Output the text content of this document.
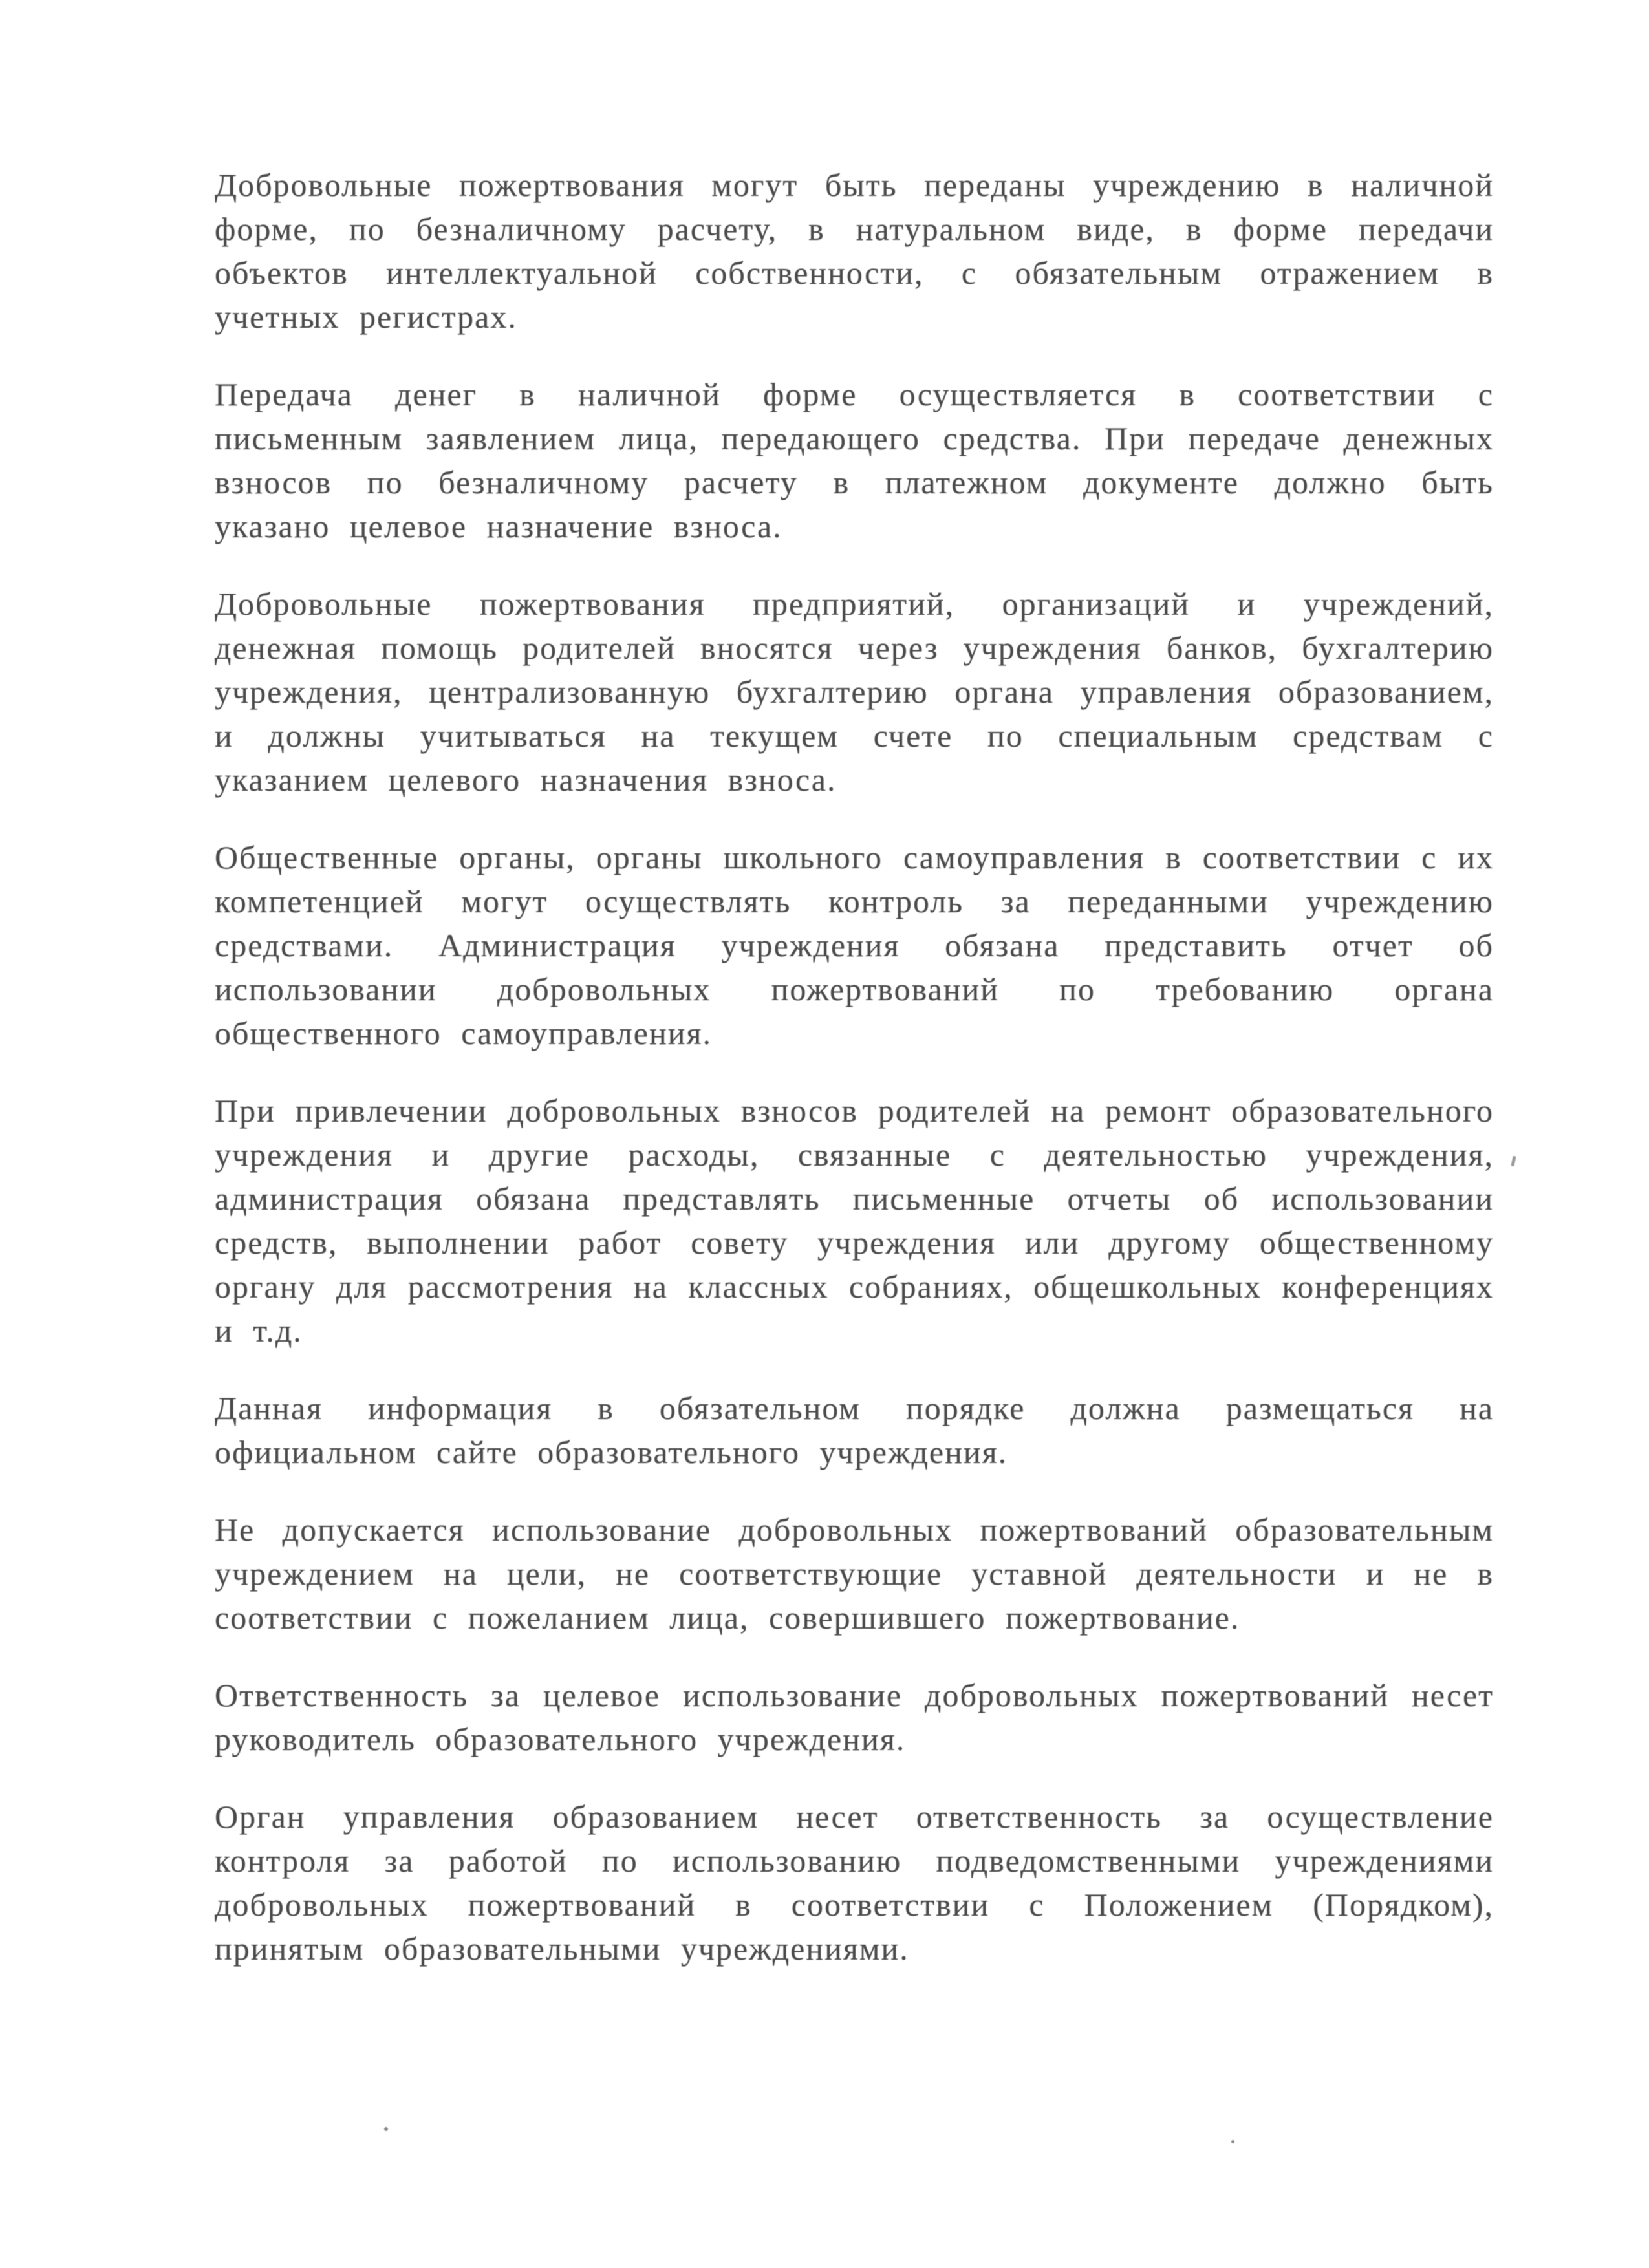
Добровольные пожертвования могут быть переданы учреждению в наличной форме, по безналичному расчету, в натуральном виде, в форме передачи объектов интеллектуальной собственности, с обязательным отражением в учетных регистрах.

Передача денег в наличной форме осуществляется в соответствии с письменным заявлением лица, передающего средства. При передаче денежных взносов по безналичному расчету в платежном документе должно быть указано целевое назначение взноса.

Добровольные пожертвования предприятий, организаций и учреждений, денежная помощь родителей вносятся через учреждения банков, бухгалтерию учреждения, централизованную бухгалтерию органа управления образованием, и должны учитываться на текущем счете по специальным средствам с указанием целевого назначения взноса.

Общественные органы, органы школьного самоуправления в соответствии с их компетенцией могут осуществлять контроль за переданными учреждению средствами. Администрация учреждения обязана представить отчет об использовании добровольных пожертвований по требованию органа общественного самоуправления.

При привлечении добровольных взносов родителей на ремонт образовательного учреждения и другие расходы, связанные с деятельностью учреждения, администрация обязана представлять письменные отчеты об использовании средств, выполнении работ совету учреждения или другому общественному органу для рассмотрения на классных собраниях, общешкольных конференциях и т.д.

Данная информация в обязательном порядке должна размещаться на официальном сайте образовательного учреждения.

Не допускается использование добровольных пожертвований образовательным учреждением на цели, не соответствующие уставной деятельности и не в соответствии с пожеланием лица, совершившего пожертвование.

Ответственность за целевое использование добровольных пожертвований несет руководитель образовательного учреждения.

Орган управления образованием несет ответственность за осуществление контроля за работой по использованию подведомственными учреждениями добровольных пожертвований в соответствии с Положением (Порядком), принятым образовательными учреждениями.
